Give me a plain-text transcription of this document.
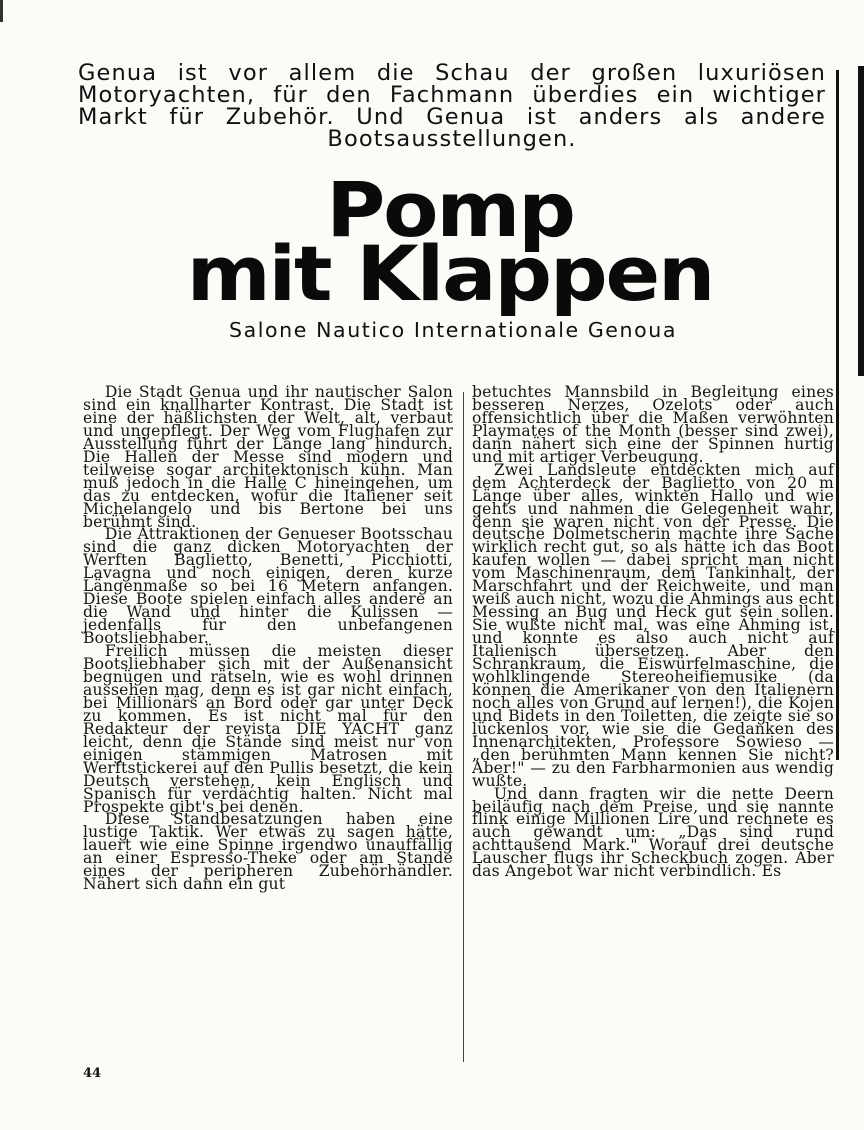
Genua ist vor allem die Schau der großen luxuriösen Motoryachten, für den Fachmann überdies ein wichtiger Markt für Zubehör. Und Genua ist anders als andere Bootsausstellungen.
Pomp
mit Klappen
Salone Nautico Internationale Genoua

Die Stadt Genua und ihr nautischer Salon sind ein knallharter Kontrast. Die Stadt ist eine der häßlichsten der Welt, alt, verbaut und ungepflegt. Der Weg vom Flughafen zur Ausstellung führt der Länge lang hindurch. Die Hallen der Messe sind modern und teilweise sogar architektonisch kühn. Man muß jedoch in die Halle C hineingehen, um das zu entdecken, wofür die Italiener seit Michelangelo und bis Bertone bei uns berühmt sind.

Die Attraktionen der Genueser Bootsschau sind die ganz dicken Motoryachten der Werften Baglietto, Benetti, Picchiotti, Lavagna und noch einigen, deren kurze Längenmaße so bei 16 Metern anfangen. Diese Boote spielen einfach alles andere an die Wand und hinter die Kulissen — jedenfalls für den unbefangenen Bootsliebhaber.

Freilich müssen die meisten dieser Bootsliebhaber sich mit der Außenansicht begnügen und rätseln, wie es wohl drinnen aussehen mag, denn es ist gar nicht einfach, bei Millionärs an Bord oder gar unter Deck zu kommen. Es ist nicht mal für den Redakteur der revista DIE YACHT ganz leicht, denn die Stände sind meist nur von einigen stämmigen Matrosen mit Werftstickerei auf den Pullis besetzt, die kein Deutsch verstehen, kein Englisch und Spanisch für verdächtig halten. Nicht mal Prospekte gibt's bei denen.

Diese Standbesatzungen haben eine lustige Taktik. Wer etwas zu sagen hätte, lauert wie eine Spinne irgendwo unauffällig an einer Espresso-Theke oder am Stande eines der peripheren Zubehörhändler. Nähert sich dann ein gut

betuchtes Mannsbild in Begleitung eines besseren Nerzes, Ozelots oder auch offensichtlich über die Maßen verwöhnten Playmates of the Month (besser sind zwei), dann nähert sich eine der Spinnen hurtig und mit artiger Verbeugung.

Zwei Landsleute entdeckten mich auf dem Achterdeck der Baglietto von 20 m Länge über alles, winkten Hallo und wie gehts und nahmen die Gelegenheit wahr, denn sie waren nicht von der Presse. Die deutsche Dolmetscherin machte ihre Sache wirklich recht gut, so als hätte ich das Boot kaufen wollen — dabei spricht man nicht vom Maschinenraum, dem Tankinhalt, der Marschfahrt und der Reichweite, und man weiß auch nicht, wozu die Ahmings aus echt Messing an Bug und Heck gut sein sollen. Sie wußte nicht mal, was eine Ahming ist, und konnte es also auch nicht auf Italienisch übersetzen. Aber den Schrankraum, die Eiswürfelmaschine, die wohlklingende Stereoheifiemusike (da können die Amerikaner von den Italienern noch alles von Grund auf lernen!), die Kojen und Bidets in den Toiletten, die zeigte sie so lückenlos vor, wie sie die Gedanken des Innenarchitekten, Professore Sowieso — „den berühmten Mann kennen Sie nicht? Aber!" — zu den Farbharmonien aus wendig wußte.

Und dann fragten wir die nette Deern beiläufig nach dem Preise, und sie nannte flink einige Millionen Lire und rechnete es auch gewandt um: „Das sind rund achttausend Mark." Worauf drei deutsche Lauscher flugs ihr Scheckbuch zogen. Aber das Angebot war nicht verbindlich. Es

44
